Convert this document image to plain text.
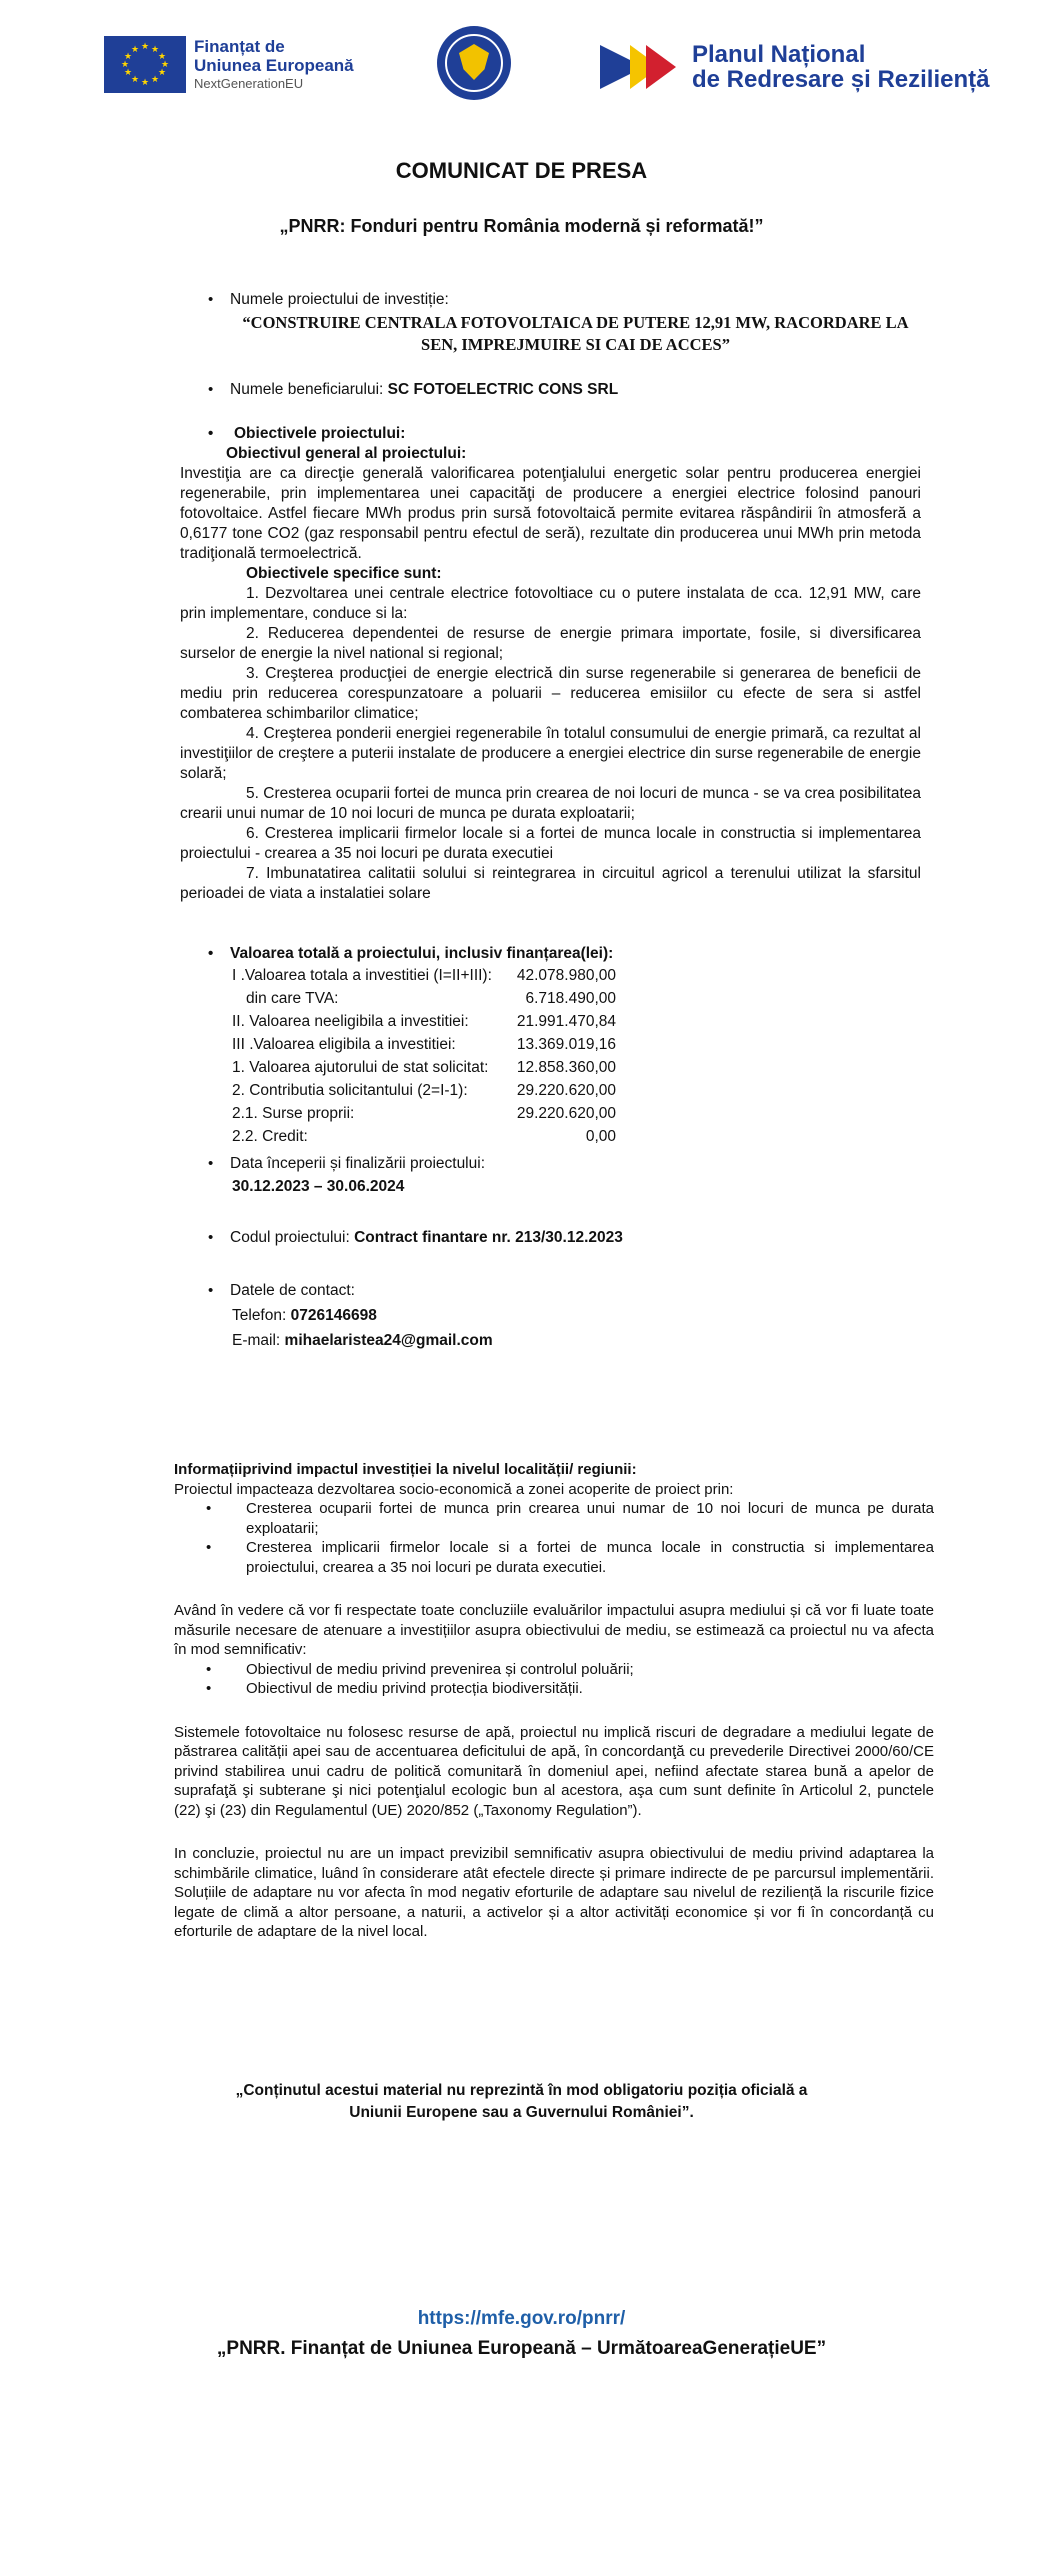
★ ★
★
★
★
★
★
★
★
★
★
★	Finanțat de
Uniunea Europeană
NextGenerationEU
Planul Național
de Redresare și Reziliență
COMUNICAT DE PRESA
„PNRR: Fonduri pentru România modernă și reformată!”
• Numele proiectului de investiție:
“CONSTRUIRE CENTRALA FOTOVOLTAICA DE PUTERE 12,91 MW, RACORDARE LA SEN, IMPREJMUIRE SI CAI DE ACCES”
• Numele beneficiarului: SC FOTOELECTRIC CONS SRL
• Obiectivele proiectului:
Obiectivul general al proiectului:
Investiţia are ca direcţie generală valorificarea potenţialului energetic solar pentru producerea energiei regenerabile, prin implementarea unei capacităţi de producere a energiei electrice folosind panouri fotovoltaice. Astfel fiecare MWh produs prin sursă fotovoltaică permite evitarea răspândirii în atmosferă a 0,6177 tone CO2 (gaz responsabil pentru efectul de seră), rezultate din producerea unui MWh prin metoda tradiţională termoelectrică.
Obiectivele specifice sunt:
1. Dezvoltarea unei centrale electrice fotovoltiace cu o putere instalata de cca. 12,91 MW, care prin implementare, conduce si la:
2. Reducerea dependentei de resurse de energie primara importate, fosile, si diversificarea surselor de energie la nivel national si regional;
3. Creşterea producţiei de energie electrică din surse regenerabile si generarea de beneficii de mediu prin reducerea corespunzatoare a poluarii – reducerea emisiilor cu efecte de sera si astfel combaterea schimbarilor climatice;
4. Creşterea ponderii energiei regenerabile în totalul consumului de energie primară, ca rezultat al investiţiilor de creştere a puterii instalate de producere a energiei electrice din surse regenerabile de energie solară;
5. Cresterea ocuparii fortei de munca prin crearea de noi locuri de munca - se va crea posibilitatea crearii unui numar de 10 noi locuri de munca pe durata exploatarii;
6. Cresterea implicarii firmelor locale si a fortei de munca locale in constructia si implementarea proiectului - crearea a 35 noi locuri pe durata executiei
7. Imbunatatirea calitatii solului si reintegrarea in circuitul agricol a terenului utilizat la sfarsitul perioadei de viata a instalatiei solare
• Valoarea totală a proiectului, inclusiv finanțarea(lei):
I .Valoarea totala a investitiei (I=II+III): 42.078.980,00
din care TVA:	6.718.490,00
II. Valoarea neeligibila a investitiei:	21.991.470,84
III .Valoarea eligibila a investitiei:	13.369.019,16
1. Valoarea ajutorului de stat solicitat: 12.858.360,00
2. Contributia solicitantului (2=I-1):	29.220.620,00
2.1. Surse proprii:	29.220.620,00
2.2. Credit:	0,00
• Data începerii și finalizării proiectului:
30.12.2023 – 30.06.2024
• Codul proiectului: Contract finantare nr. 213/30.12.2023
• Datele de contact:
Telefon: 0726146698
E-mail: mihaelaristea24@gmail.com
Informațiiprivind impactul investiției la nivelul localității/ regiunii:
Proiectul impacteaza dezvoltarea socio-economică a zonei acoperite de proiect prin:
• Cresterea ocuparii fortei de munca prin crearea unui numar de 10 noi locuri de munca pe durata exploatarii;
• Cresterea implicarii firmelor locale si a fortei de munca locale in constructia si implementarea proiectului, crearea a 35 noi locuri pe durata executiei.
Având în vedere că vor fi respectate toate concluziile evaluărilor impactului asupra mediului și că vor fi luate toate măsurile necesare de atenuare a investițiilor asupra obiectivului de mediu, se estimează ca proiectul nu va afecta în mod semnificativ:
• Obiectivul de mediu privind prevenirea și controlul poluării;
• Obiectivul de mediu privind protecția biodiversității.
Sistemele fotovoltaice nu folosesc resurse de apă, proiectul nu implică riscuri de degradare a mediului legate de păstrarea calității apei sau de accentuarea deficitului de apă, în concordanţă cu prevederile Directivei 2000/60/CE privind stabilirea unui cadru de politică comunitară în domeniul apei, nefiind afectate starea bună a apelor de suprafaţă şi subterane şi nici potenţialul ecologic bun al acestora, aşa cum sunt definite în Articolul 2, punctele (22) şi (23) din Regulamentul (UE) 2020/852 („Taxonomy Regulation”).
In concluzie, proiectul nu are un impact previzibil semnificativ asupra obiectivului de mediu privind adaptarea la schimbările climatice, luând în considerare atât efectele directe și primare indirecte de pe parcursul implementării. Soluțiile de adaptare nu vor afecta în mod negativ eforturile de adaptare sau nivelul de reziliență la riscurile fizice legate de climă a altor persoane, a naturii, a activelor și a altor activități economice și vor fi în concordanță cu eforturile de adaptare de la nivel local.
„Conținutul acestui material nu reprezintă în mod obligatoriu poziția oficială a
Uniunii Europene sau a Guvernului României”.
https://mfe.gov.ro/pnrr/
„PNRR. Finanțat de Uniunea Europeană – UrmătoareaGenerațieUE”
